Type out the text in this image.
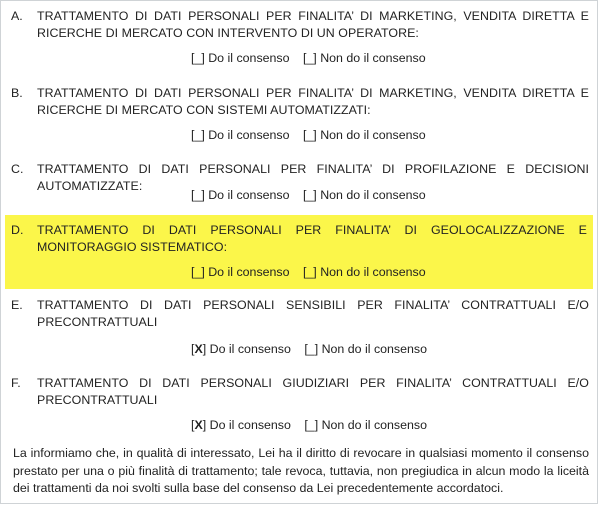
A. TRATTAMENTO DI DATI PERSONALI PER FINALITA’ DI MARKETING, VENDITA DIRETTA E RICERCHE DI MERCATO CON INTERVENTO DI UN OPERATORE:
[_] Do il consenso [_] Non do il consenso
B. TRATTAMENTO DI DATI PERSONALI PER FINALITA’ DI MARKETING, VENDITA DIRETTA E RICERCHE DI MERCATO CON SISTEMI AUTOMATIZZATI:
[_] Do il consenso [_] Non do il consenso
C. TRATTAMENTO DI DATI PERSONALI PER FINALITA’ DI PROFILAZIONE E DECISIONI AUTOMATIZZATE:
[_] Do il consenso [_] Non do il consenso
D. TRATTAMENTO DI DATI PERSONALI PER FINALITA’ DI GEOLOCALIZZAZIONE E MONITORAGGIO SISTEMATICO:
[_] Do il consenso [_] Non do il consenso
E. TRATTAMENTO DI DATI PERSONALI SENSIBILI PER FINALITA’ CONTRATTUALI E/O PRECONTRATTUALI
[X] Do il consenso [_] Non do il consenso
F. TRATTAMENTO DI DATI PERSONALI GIUDIZIARI PER FINALITA’ CONTRATTUALI E/O PRECONTRATTUALI
[X] Do il consenso [_] Non do il consenso
La informiamo che, in qualità di interessato, Lei ha il diritto di revocare in qualsiasi momento il consenso prestato per una o più finalità di trattamento; tale revoca, tuttavia, non pregiudica in alcun modo la liceità dei trattamenti da noi svolti sulla base del consenso da Lei precedentemente accordatoci.
